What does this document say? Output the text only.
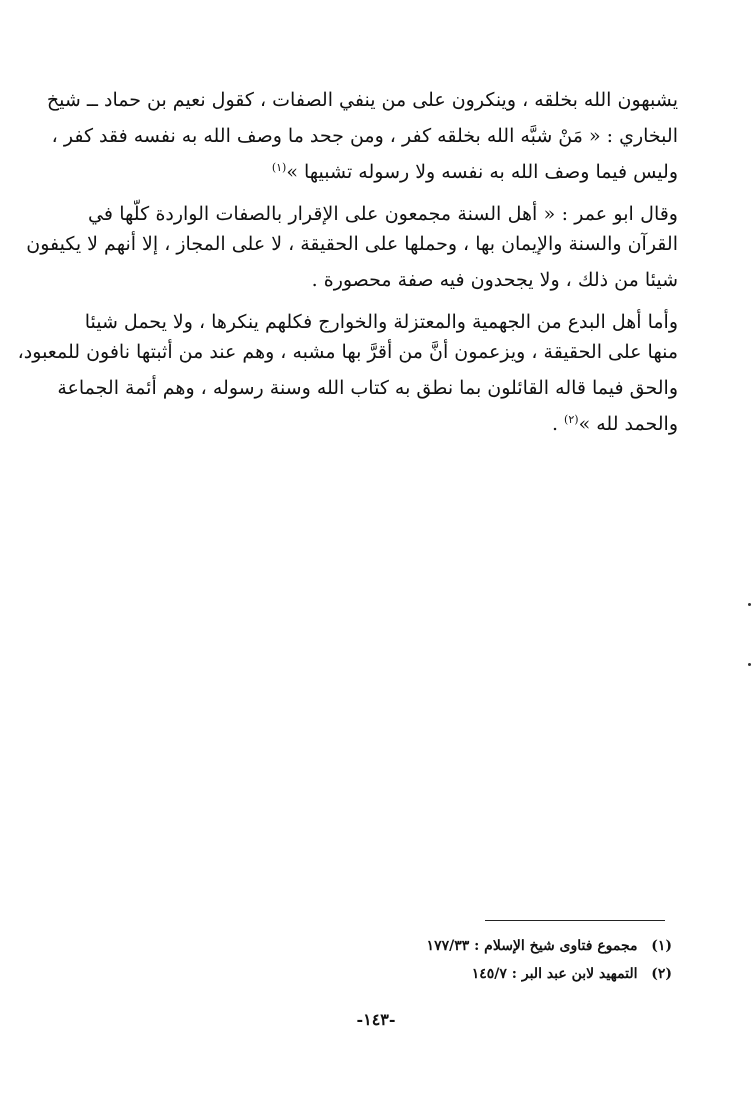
يشبهون الله بخلقه ، وينكرون على من ينفي الصفات ، كقول نعيم بن حماد ــ شيخ
البخاري : « مَنْ شبَّه الله بخلقه كفر ، ومن جحد ما وصف الله به نفسه فقد كفر ،
وليس فيما وصف الله به نفسه ولا رسوله تشبيها »$^{(١)}$
وقال ابو عمر : « أهل السنة مجمعون على الإقرار بالصفات الواردة كلّها في
القرآن والسنة والإيمان بها ، وحملها على الحقيقة ، لا على المجاز ، إلا أنهم لا يكيفون
شيئا من ذلك ، ولا يجحدون فيه صفة محصورة .
وأما أهل البدع من الجهمية والمعتزلة والخوارج فكلهم ينكرها ، ولا يحمل شيئا
منها على الحقيقة ، ويزعمون أنَّ من أقرَّ بها مشبه ، وهم عند من أثبتها نافون للمعبود،
والحق فيما قاله القائلون بما نطق به كتاب الله وسنة رسوله ، وهم أئمة الجماعة
والحمد لله »$^{(٢)}$ .
(١) مجموع فتاوى شيخ الإسلام : ١٧٧/٣٣
(٢) التمهيد لابن عبد البر : ١٤٥/٧
-١٤٣-
